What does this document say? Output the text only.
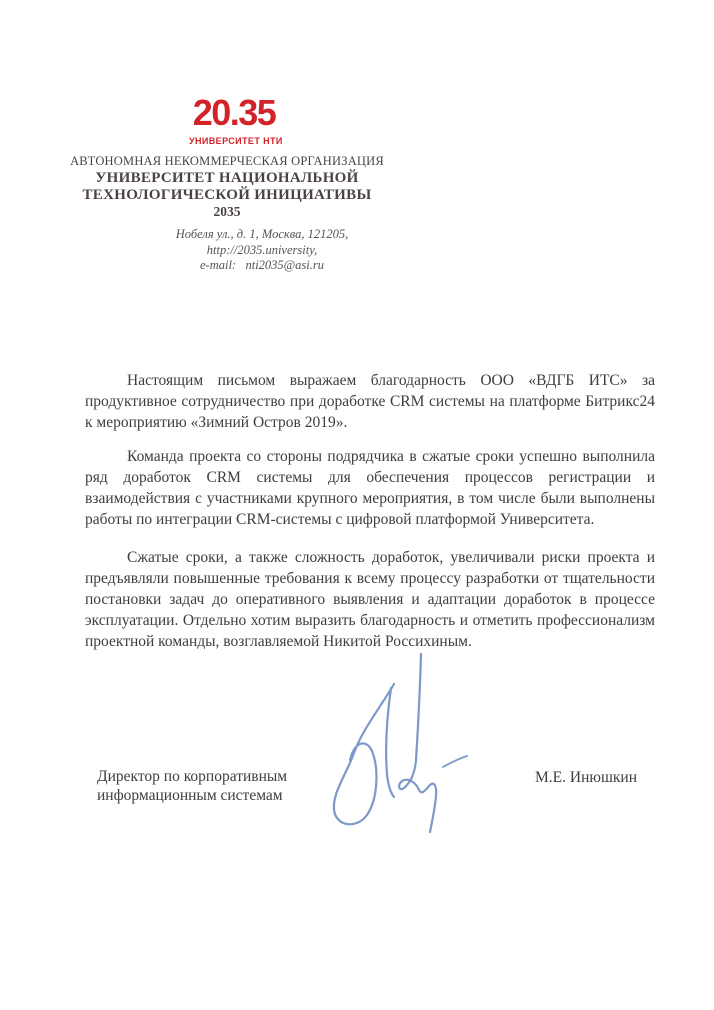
20.35
УНИВЕРСИТЕТ НТИ
АВТОНОМНАЯ НЕКОММЕРЧЕСКАЯ ОРГАНИЗАЦИЯ
УНИВЕРСИТЕТ НАЦИОНАЛЬНОЙ
ТЕХНОЛОГИЧЕСКОЙ ИНИЦИАТИВЫ
2035
Нобеля ул., д. 1, Москва, 121205,
http://2035.university,
e-mail:   nti2035@asi.ru

Настоящим письмом выражаем благодарность ООО «ВДГБ ИТС» за продуктивное сотрудничество при доработке CRM системы на платформе Битрикс24 к мероприятию «Зимний Остров 2019».

Команда проекта со стороны подрядчика в сжатые сроки успешно выполнила ряд доработок CRM системы для обеспечения процессов регистрации и взаимодействия с участниками крупного мероприятия, в том числе были выполнены работы по интеграции CRM-системы с цифровой платформой Университета.

Сжатые сроки, а также сложность доработок, увеличивали риски проекта и предъявляли повышенные требования к всему процессу разработки от тщательности постановки задач до оперативного выявления и адаптации доработок в процессе эксплуатации. Отдельно хотим выразить благодарность и отметить профессионализм проектной команды, возглавляемой Никитой Россихиным.

Директор по корпоративным
информационным системам
М.Е. Инюшкин
